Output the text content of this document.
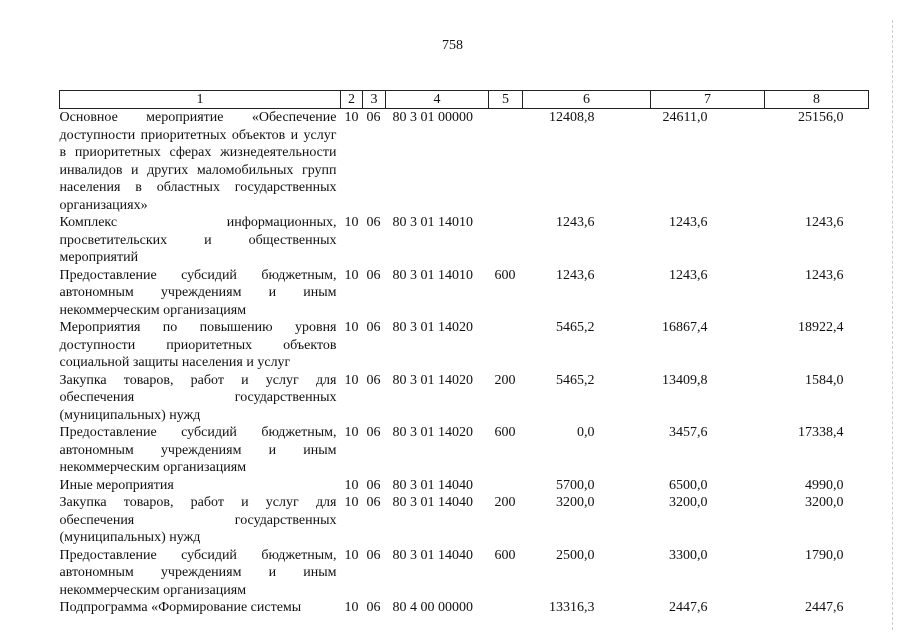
758
1	2	3	4	5	6	7	8
Основное мероприятие «Обеспечение доступности приоритетных объектов и услуг в приоритетных сферах жизнедеятельности инвалидов и других маломобильных групп населения в областных государственных организациях»	10	06	80 3 01 00000		12408,8	24611,0	25156,0
Комплекс информационных, просветительских и общественных мероприятий	10	06	80 3 01 14010		1243,6	1243,6	1243,6
Предоставление субсидий бюджетным, автономным учреждениям и иным некоммерческим организациям	10	06	80 3 01 14010	600	1243,6	1243,6	1243,6
Мероприятия по повышению уровня доступности приоритетных объектов социальной защиты населения и услуг	10	06	80 3 01 14020		5465,2	16867,4	18922,4
Закупка товаров, работ и услуг для обеспечения государственных (муниципальных) нужд	10	06	80 3 01 14020	200	5465,2	13409,8	1584,0
Предоставление субсидий бюджетным, автономным учреждениям и иным некоммерческим организациям	10	06	80 3 01 14020	600	0,0	3457,6	17338,4
Иные мероприятия	10	06	80 3 01 14040		5700,0	6500,0	4990,0
Закупка товаров, работ и услуг для обеспечения государственных (муниципальных) нужд	10	06	80 3 01 14040	200	3200,0	3200,0	3200,0
Предоставление субсидий бюджетным, автономным учреждениям и иным некоммерческим организациям	10	06	80 3 01 14040	600	2500,0	3300,0	1790,0
Подпрограмма «Формирование системы	10	06	80 4 00 00000		13316,3	2447,6	2447,6
